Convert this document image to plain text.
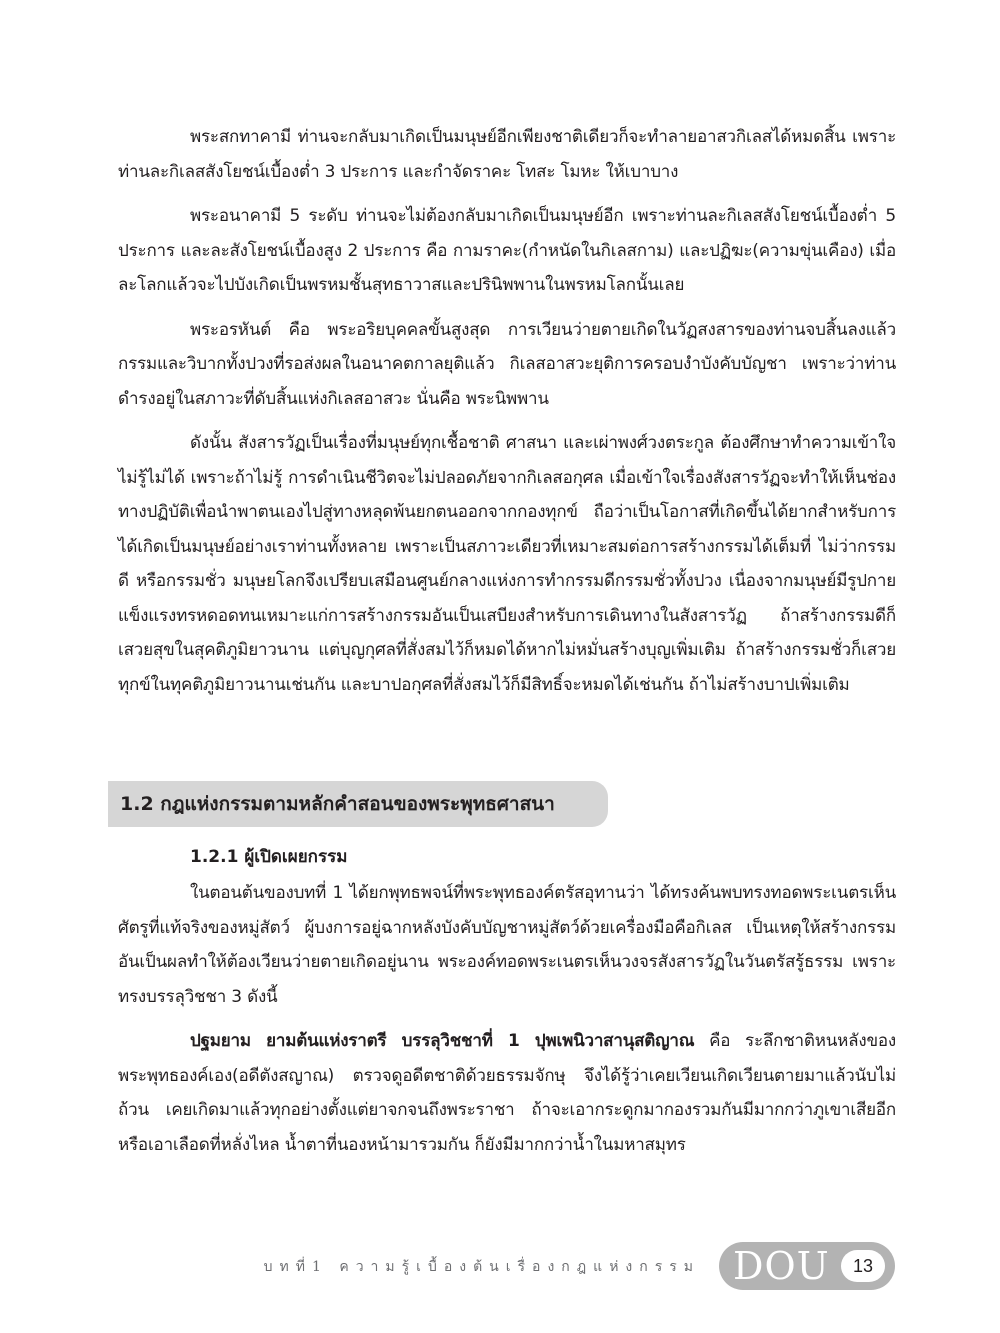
พระสกทาคามี ท่านจะกลับมาเกิดเป็นมนุษย์อีกเพียงชาติเดียวก็จะทำลายอาสวกิเลสได้หมดสิ้น เพราะท่านละกิเลสสังโยชน์เบื้องต่ำ 3 ประการ และกำจัดราคะ โทสะ โมหะ ให้เบาบาง

พระอนาคามี 5 ระดับ ท่านจะไม่ต้องกลับมาเกิดเป็นมนุษย์อีก เพราะท่านละกิเลสสังโยชน์เบื้องต่ำ 5 ประการ และละสังโยชน์เบื้องสูง 2 ประการ คือ กามราคะ(กำหนัดในกิเลสกาม) และปฏิฆะ(ความขุ่นเคือง) เมื่อละโลกแล้วจะไปบังเกิดเป็นพรหมชั้นสุทธาวาสและปรินิพพานในพรหมโลกนั้นเลย

พระอรหันต์ คือ พระอริยบุคคลขั้นสูงสุด การเวียนว่ายตายเกิดในวัฏสงสารของท่านจบสิ้นลงแล้ว กรรมและวิบากทั้งปวงที่รอส่งผลในอนาคตกาลยุติแล้ว กิเลสอาสวะยุติการครอบงำบังคับบัญชา เพราะว่าท่านดำรงอยู่ในสภาวะที่ดับสิ้นแห่งกิเลสอาสวะ นั่นคือ พระนิพพาน

ดังนั้น สังสารวัฏเป็นเรื่องที่มนุษย์ทุกเชื้อชาติ ศาสนา และเผ่าพงศ์วงตระกูล ต้องศึกษาทำความเข้าใจ ไม่รู้ไม่ได้ เพราะถ้าไม่รู้ การดำเนินชีวิตจะไม่ปลอดภัยจากกิเลสอกุศล เมื่อเข้าใจเรื่องสังสารวัฏจะทำให้เห็นช่องทางปฏิบัติเพื่อนำพาตนเองไปสู่ทางหลุดพ้นยกตนออกจากกองทุกข์ ถือว่าเป็นโอกาสที่เกิดขึ้นได้ยากสำหรับการได้เกิดเป็นมนุษย์อย่างเราท่านทั้งหลาย เพราะเป็นสภาวะเดียวที่เหมาะสมต่อการสร้างกรรมได้เต็มที่ ไม่ว่ากรรมดี หรือกรรมชั่ว มนุษยโลกจึงเปรียบเสมือนศูนย์กลางแห่งการทำกรรมดีกรรมชั่วทั้งปวง เนื่องจากมนุษย์มีรูปกายแข็งแรงทรหดอดทนเหมาะแก่การสร้างกรรมอันเป็นเสบียงสำหรับการเดินทางในสังสารวัฏ ถ้าสร้างกรรมดีก็เสวยสุขในสุคติภูมิยาวนาน แต่บุญกุศลที่สั่งสมไว้ก็หมดได้หากไม่หมั่นสร้างบุญเพิ่มเติม ถ้าสร้างกรรมชั่วก็เสวยทุกข์ในทุคติภูมิยาวนานเช่นกัน และบาปอกุศลที่สั่งสมไว้ก็มีสิทธิ์จะหมดได้เช่นกัน ถ้าไม่สร้างบาปเพิ่มเติม

1.2 กฎแห่งกรรมตามหลักคำสอนของพระพุทธศาสนา
1.2.1 ผู้เปิดเผยกรรม

ในตอนต้นของบทที่ 1 ได้ยกพุทธพจน์ที่พระพุทธองค์ตรัสอุทานว่า ได้ทรงค้นพบทรงทอดพระเนตรเห็นศัตรูที่แท้จริงของหมู่สัตว์ ผู้บงการอยู่ฉากหลังบังคับบัญชาหมู่สัตว์ด้วยเครื่องมือคือกิเลส เป็นเหตุให้สร้างกรรมอันเป็นผลทำให้ต้องเวียนว่ายตายเกิดอยู่นาน พระองค์ทอดพระเนตรเห็นวงจรสังสารวัฏในวันตรัสรู้ธรรม เพราะทรงบรรลุวิชชา 3 ดังนี้

ปฐมยาม ยามต้นแห่งราตรี บรรลุวิชชาที่ 1 ปุพเพนิวาสานุสติญาณ คือ ระลึกชาติหนหลังของพระพุทธองค์เอง(อดีตังสญาณ) ตรวจดูอดีตชาติด้วยธรรมจักษุ จึงได้รู้ว่าเคยเวียนเกิดเวียนตายมาแล้วนับไม่ถ้วน เคยเกิดมาแล้วทุกอย่างตั้งแต่ยาจกจนถึงพระราชา ถ้าจะเอากระดูกมากองรวมกันมีมากกว่าภูเขาเสียอีก หรือเอาเลือดที่หลั่งไหล น้ำตาที่นองหน้ามารวมกัน ก็ยังมีมากกว่าน้ำในมหาสมุทร

บทที่1 ความรู้เบื้องต้นเรื่องกฎแห่งกรรม DOU	13
